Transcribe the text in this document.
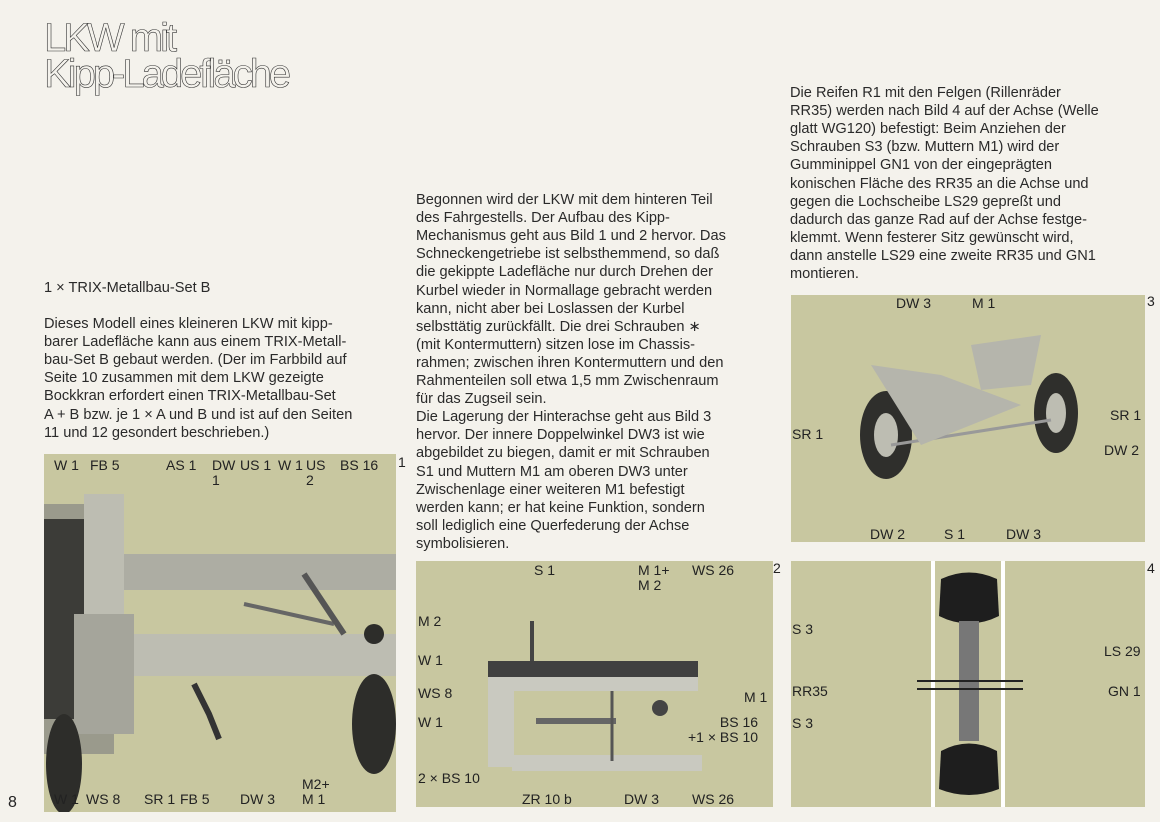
LKW mit
Kipp-Ladefläche
1 × TRIX-Metallbau-Set B
Dieses Modell eines kleineren LKW mit kipp-
barer Ladefläche kann aus einem TRIX-Metall-
bau-Set B gebaut werden. (Der im Farbbild auf
Seite 10 zusammen mit dem LKW gezeigte
Bockkran erfordert einen TRIX-Metallbau-Set
A + B bzw. je 1 × A und B und ist auf den Seiten
11 und 12 gesondert beschrieben.)
Begonnen wird der LKW mit dem hinteren Teil
des Fahrgestells. Der Aufbau des Kipp-
Mechanismus geht aus Bild 1 und 2 hervor. Das
Schneckengetriebe ist selbsthemmend, so daß
die gekippte Ladefläche nur durch Drehen der
Kurbel wieder in Normallage gebracht werden
kann, nicht aber bei Loslassen der Kurbel
selbsttätig zurückfällt. Die drei Schrauben ∗
(mit Kontermuttern) sitzen lose im Chassis-
rahmen; zwischen ihren Kontermuttern und den
Rahmenteilen soll etwa 1,5 mm Zwischenraum
für das Zugseil sein.
Die Lagerung der Hinterachse geht aus Bild 3
hervor. Der innere Doppelwinkel DW3 ist wie
abgebildet zu biegen, damit er mit Schrauben
S1 und Muttern M1 am oberen DW3 unter
Zwischenlage einer weiteren M1 befestigt
werden kann; er hat keine Funktion, sondern
soll lediglich eine Querfederung der Achse
symbolisieren.
Die Reifen R1 mit den Felgen (Rillenräder
RR35) werden nach Bild 4 auf der Achse (Welle
glatt WG120) befestigt: Beim Anziehen der
Schrauben S3 (bzw. Muttern M1) wird der
Gumminippel GN1 von der eingeprägten
konischen Fläche des RR35 an die Achse und
gegen die Lochscheibe LS29 gepreßt und
dadurch das ganze Rad auf der Achse festge-
klemmt. Wenn festerer Sitz gewünscht wird,
dann anstelle LS29 eine zweite RR35 und GN1
montieren.
1
W 1 FB 5	AS 1 DW
1
US 1 W 1 US
2
BS 16
W 1 WS 8 SR 1 FB 5 DW 3
M2+
M 1
2
S 1	M 1+
M 2
WS 26
M 2
W 1
WS 8
W 1
2 × BS 10
M 1
BS 16
+1 × BS 10
ZR 10 b	DW 3 WS 26
3
DW 3	M 1
SR 1
SR 1
DW 2
DW 2	S 1	DW 3
4
S 3
LS 29
RR35	GN 1
S 3
8
